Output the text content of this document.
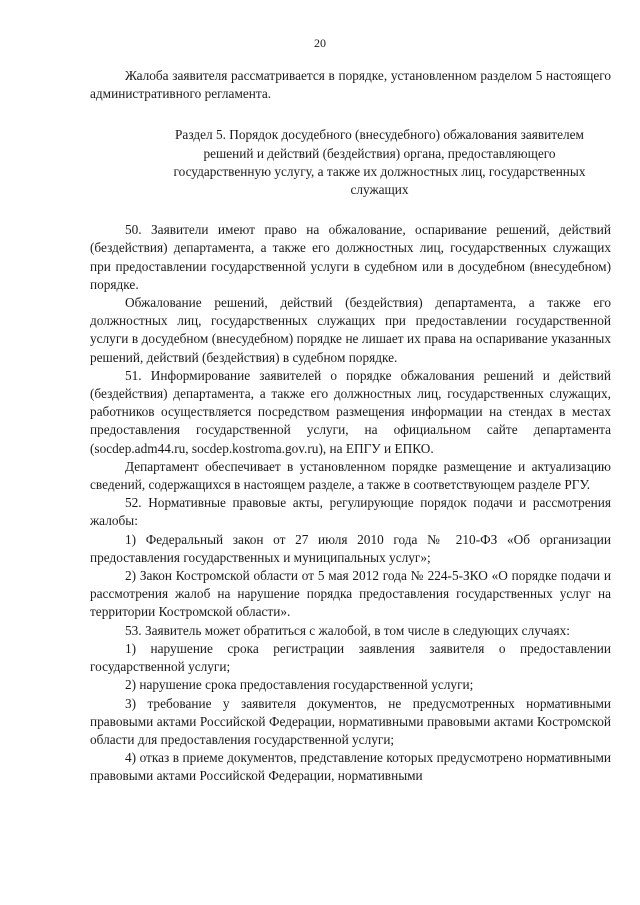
20

Жалоба заявителя рассматривается в порядке, установленном разделом 5 настоящего административного регламента.

Раздел 5. Порядок досудебного (внесудебного) обжалования заявителем решений и действий (бездействия) органа, предоставляющего государственную услугу, а также их должностных лиц, государственных служащих

50. Заявители имеют право на обжалование, оспаривание решений, действий (бездействия) департамента, а также его должностных лиц, государственных служащих при предоставлении государственной услуги в судебном или в досудебном (внесудебном) порядке.

Обжалование решений, действий (бездействия) департамента, а также его должностных лиц, государственных служащих при предоставлении государственной услуги в досудебном (внесудебном) порядке не лишает их права на оспаривание указанных решений, действий (бездействия) в судебном порядке.

51. Информирование заявителей о порядке обжалования решений и действий (бездействия) департамента, а также его должностных лиц, государственных служащих, работников осуществляется посредством размещения информации на стендах в местах предоставления государственной услуги, на официальном сайте департамента (socdep.adm44.ru, socdep.kostroma.gov.ru), на ЕПГУ и ЕПКО.

Департамент обеспечивает в установленном порядке размещение и актуализацию сведений, содержащихся в настоящем разделе, а также в соответствующем разделе РГУ.

52. Нормативные правовые акты, регулирующие порядок подачи и рассмотрения жалобы:

1) Федеральный закон от 27 июля 2010 года № 210-ФЗ «Об организации предоставления государственных и муниципальных услуг»;

2) Закон Костромской области от 5 мая 2012 года № 224-5-ЗКО «О порядке подачи и рассмотрения жалоб на нарушение порядка предоставления государственных услуг на территории Костромской области».

53. Заявитель может обратиться с жалобой, в том числе в следующих случаях:

1) нарушение срока регистрации заявления заявителя о предоставлении государственной услуги;

2) нарушение срока предоставления государственной услуги;

3) требование у заявителя документов, не предусмотренных нормативными правовыми актами Российской Федерации, нормативными правовыми актами Костромской области для предоставления государственной услуги;

4) отказ в приеме документов, представление которых предусмотрено нормативными правовыми актами Российской Федерации, нормативными
